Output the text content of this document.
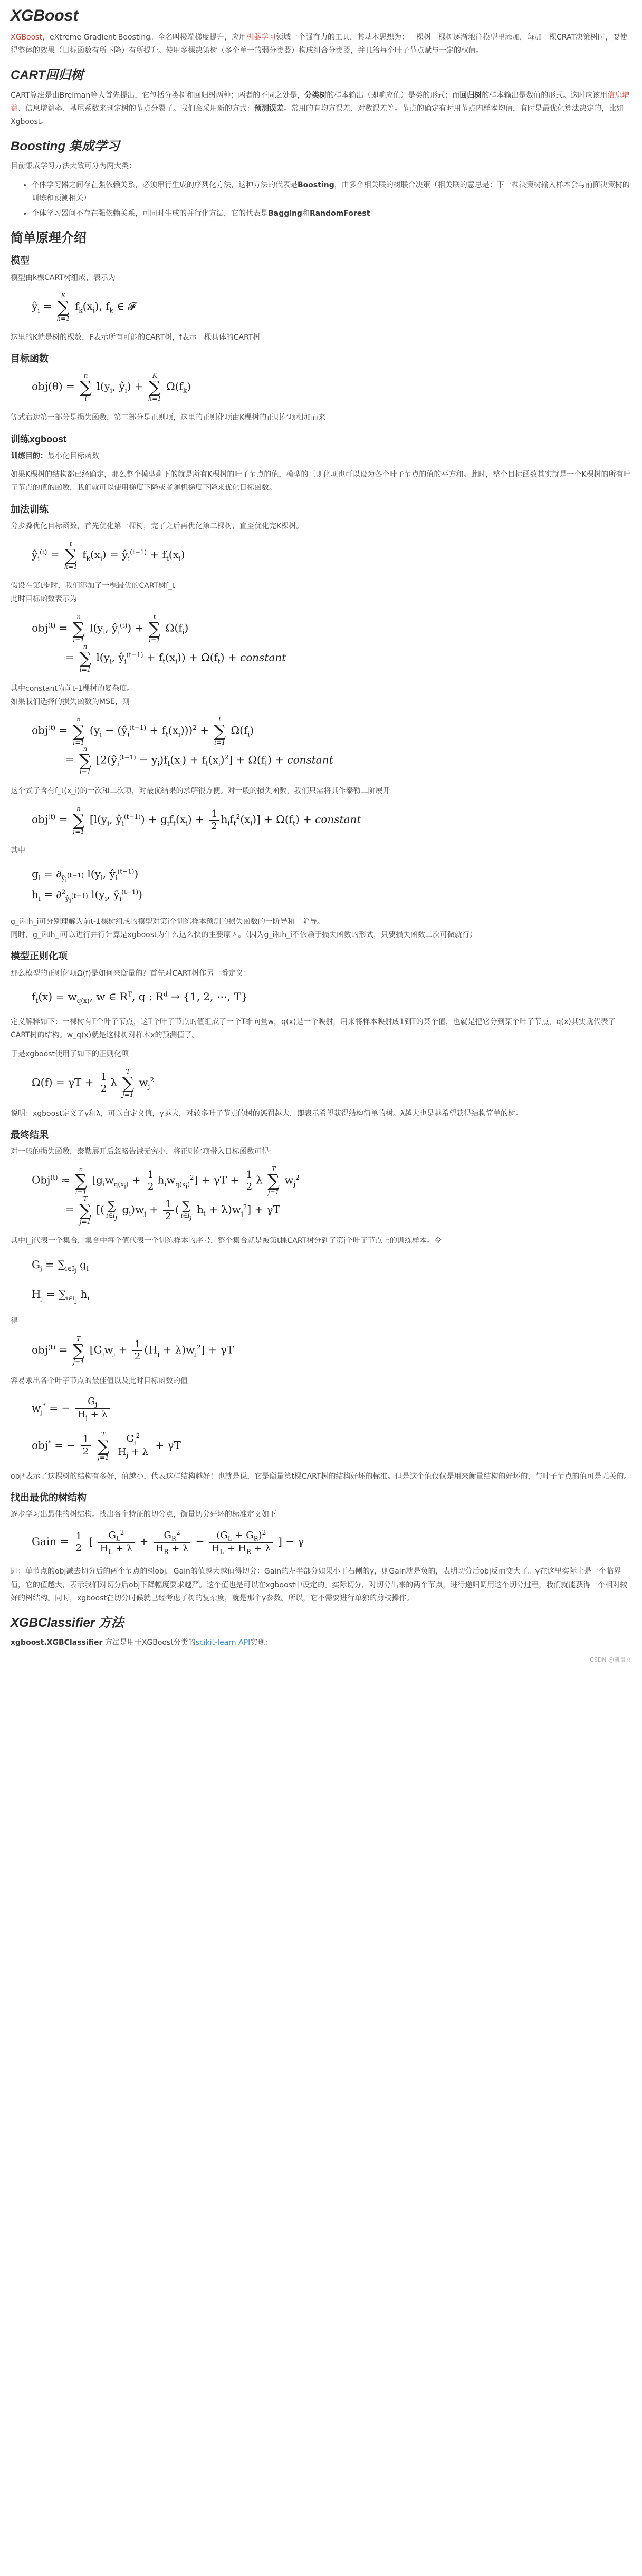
XGBoost

XGBoost，eXtreme Gradient Boosting。全名叫极端梯度提升，应用机器学习领域一个强有力的工具，其基本思想为：一棵树一棵树逐渐地往模型里添加，每加一棵CRAT决策树时，要使得整体的效果（目标函数有所下降）有所提升。使用多棵决策树（多个单一的弱分类器）构成组合分类器，并且给每个叶子节点赋与一定的权值。

CART回归树

CART算法是由Breiman等人首先提出，它包括分类树和回归树两种；两者的不同之处是，分类树的样本输出（即响应值）是类的形式；而回归树的样本输出是数值的形式。这时应该用信息增益、信息增益率、基尼系数来判定树的节点分裂了。我们会采用新的方式：预测误差。常用的有均方误差、对数误差等。节点的确定有时用节点内样本均值，有时是最优化算法决定的，比如Xgboost。

Boosting 集成学习

目前集成学习方法大致可分为两大类：

• 个体学习器之间存在强依赖关系，必须串行生成的序列化方法，这种方法的代表是Boosting，由多个相关联的树联合决策（相关联的意思是：下一棵决策树输入样本会与前面决策树的训练和预测相关）
• 个体学习器间不存在强依赖关系，可同时生成的并行化方法，它的代表是Bagging和RandomForest
简单原理介绍
模型

模型由k棵CART树组成，表示为

$ŷ_i$ =
K
∑
k=1
$f_k(x_i)$, $f_k$ ∈ 𝓕

这里的K就是树的棵数，F表示所有可能的CART树，f表示一棵具体的CART树

目标函数
obj(θ) =
n
∑
i
$l(y_i$, $ŷ_i$) +
K
∑
k=1
$\Omega(f_k)$

等式右边第一部分是损失函数，第二部分是正则项，这里的正则化项由K棵树的正则化项相加而来

训练xgboost

训练目的：最小化目标函数

如果K棵树的结构都已经确定，那么整个模型剩下的就是所有K棵树的叶子节点的值，模型的正则化项也可以设为各个叶子节点的值的平方和。此时，整个目标函数其实就是一个K棵树的所有叶子节点的值的函数，我们就可以使用梯度下降或者随机梯度下降来优化目标函数。

加法训练

分步骤优化目标函数，首先优化第一棵树，完了之后再优化第二棵树，直至优化完K棵树。

$ŷ_i^{(t)}$ =
t
∑
k=1
$f_k(x_i)$ = $ŷ_i^{(t-1)} + f_t(x_i)$

假设在第t步时，我们添加了一棵最优的CART树f_t
此时目标函数表示为

obj$^{(t)}$ =
n
∑
i=1
$l(y_i$, $ŷ_i^{(t)}$) +
t
∑
i=1
$\Omega(f_i)$
=
n
∑
i=1
$l(y_i$, $ŷ_i^{(t-1)} + f_t(x_i)) + \Omega(f_t)$ + constant

其中constant为前t-1棵树的复杂度。
如果我们选择的损失函数为MSE，则

obj$^{(t)}$ =
n
∑
i=1
($y_i$ − $(ŷ_i^{(t-1)} + f_t(x_i)))^2$ +
t
∑
i=1
$\Omega(f_i)$
=
n
∑
i=1
$[2(ŷ_i^{(t-1)} - y_i)f_t(x_i) + f_t(x_i)^2] + \Omega(f_t)$ + constant

这个式子含有f_t(x_i)的一次和二次项，对最优结果的求解很方便。对一般的损失函数，我们只需将其作泰勒二阶展开

obj$^{(t)}$ =
n
∑
i=1
[$l(y_i$, $ŷ_i^{(t-1)}) + g_if_t(x_i) + \frac{1}{2} h_if_t^2(x_i)] + \Omega(f_t)$ + constant

其中

$g_i = \partial_{ŷ_i^{(t-1)}}$ $l(y_i$, $ŷ_i^{(t-1)}$)
$h_i = \partial^2_{ŷ_i^{(t-1)}}$ $l(y_i$, $ŷ_i^{(t-1)}$)

g_i和h_i可分别理解为前t-1棵树组成的模型对第i个训练样本预测的损失函数的一阶导和二阶导。
同时，g_i和h_i可以进行并行计算是xgboost为什么这么快的主要原因。（因为g_i和h_i不依赖于损失函数的形式，只要损失函数二次可微就行）

模型正则化项

那么模型的正则化项Ω(f)是如何来衡量的？首先对CART树作另一番定义：

$f_t(x) = w_{q(x)}$, w ∈ $R^T$, q : $R^d \to \{1$, 2, ⋯, T}

定义解释如下：一棵树有T个叶子节点，这T个叶子节点的值组成了一个T维向量w，q(x)是一个映射，用来将样本映射成1到T的某个值，也就是把它分到某个叶子节点，q(x)其实就代表了CART树的结构。w_q(x)就是这棵树对样本x的预测值了。

于是xgboost使用了如下的正则化项

$\Omega(f) = \gamma T + \frac{1}{2}$ λ
T
∑
j=1
$w_j^2$

说明：xgboost定义了γ和λ，可以自定义值，γ越大，对较多叶子节点的树的惩罚越大，即表示希望获得结构简单的树。λ越大也是越希望获得结构简单的树。

最终结果

对一般的损失函数，泰勒展开后忽略告诫无穷小，将正则化项带入目标函数可得：

Obj$^{(t)}$ ≈
n
∑
i=1
$[g_iw_{q(x_i)} + \frac{1}{2} h_iw_{q(x_i)}^2] + \gamma T + \frac{1}{2}$ λ
T
∑
j=1
$w_j^2$
=
T
∑
j=1
[( ∑
$i\in I_j$
$g_i)w_j + \frac{1}{2}$ ( ∑
$i\in I_j$
$h_i + \lambda)w_j^2] + \gamma T$

其中I_j代表一个集合，集合中每个值代表一个训练样本的序号，整个集合就是被第t棵CART树分到了第j个叶子节点上的训练样本。令

$G_j = \sum_{i\in I_j}$ $g_i$
$H_j = \sum_{i\in I_j}$ $h_i$

得

obj$^{(t)}$ =
T
∑
j=1
$[G_jw_j + \frac{1}{2} (H_j + \lambda)w_j^2] + \gamma T$

容易求出各个叶子节点的最佳值以及此时目标函数的值

$w_j^*$ = − $\frac{G_j}{H_j + \lambda}$
obj* = − $\frac{1}{2}$
	T
∑
j=1
$\frac{G_j^2}{H_j + \lambda} + \gamma T$

obj*表示了这棵树的结构有多好，值越小，代表这样结构越好！也就是说，它是衡量第t棵CART树的结构好坏的标准。但是这个值仅仅是用来衡量结构的好坏的，与叶子节点的值可是无关的。

找出最优的树结构

逐步学习出最佳的树结构。找出各个特征的切分点，衡量切分好坏的标准定义如下

Gain = $\frac{1}{2}$ [ $\frac{G_L^2}{H_L + \lambda} + \frac{G_R^2}{H_R + \lambda} - \frac{(G_L + G_R)^2}{H_L + H_R + \lambda}$ ] − γ

即：单节点的obj减去切分后的两个节点的树obj。Gain的值越大越值得切分：Gain的左半部分如果小于右侧的γ，则Gain就是负的，表明切分后obj反而变大了。γ在这里实际上是一个临界值，它的值越大，表示我们对切分后obj下降幅度要求越严。这个值也是可以在xgboost中设定的。实际切分，对切分出来的两个节点，进行递归调用这个切分过程，我们就能获得一个相对较好的树结构。同时，xgboost在切分时候就已经考虑了树的复杂度，就是那个γ参数。所以，它不需要进行单独的剪枝操作。

XGBClassifier 方法

xgboost.XGBClassifier 方法是用于XGBoost分类的scikit-learn API实现：

CSDN @凯哥文
